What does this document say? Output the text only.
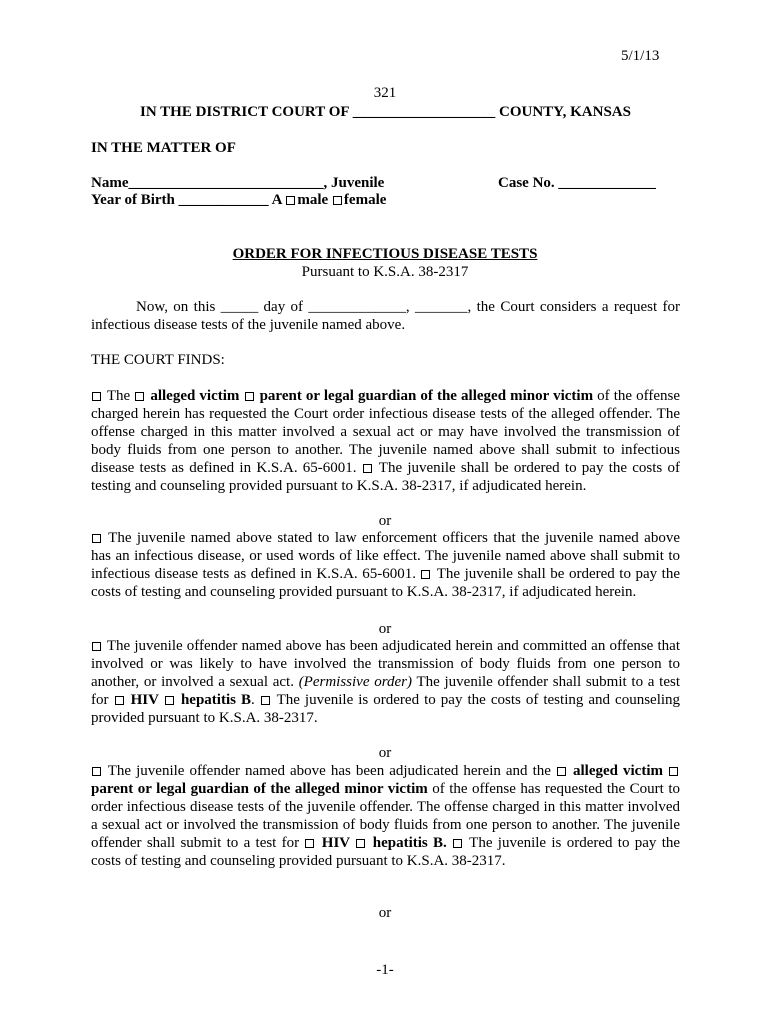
5/1/13
321
IN THE DISTRICT COURT OF ___________________ COUNTY, KANSAS
IN THE MATTER OF
Name__________________________, Juvenile	Case No. _____________
Year of Birth ____________ A male female
ORDER FOR INFECTIOUS DISEASE TESTS
Pursuant to K.S.A. 38-2317
Now, on this _____ day of _____________, _______, the Court considers a request for infectious disease tests of the juvenile named above.
THE COURT FINDS:
The alleged victim parent or legal guardian of the alleged minor victim of the offense charged herein has requested the Court order infectious disease tests of the alleged offender. The offense charged in this matter involved a sexual act or may have involved the transmission of body fluids from one person to another. The juvenile named above shall submit to infectious disease tests as defined in K.S.A. 65-6001. The juvenile shall be ordered to pay the costs of testing and counseling provided pursuant to K.S.A. 38-2317, if adjudicated herein.
or
The juvenile named above stated to law enforcement officers that the juvenile named above has an infectious disease, or used words of like effect. The juvenile named above shall submit to infectious disease tests as defined in K.S.A. 65-6001. The juvenile shall be ordered to pay the costs of testing and counseling provided pursuant to K.S.A. 38-2317, if adjudicated herein.
or
The juvenile offender named above has been adjudicated herein and committed an offense that involved or was likely to have involved the transmission of body fluids from one person to another, or involved a sexual act. (Permissive order) The juvenile offender shall submit to a test for HIV hepatitis B. The juvenile is ordered to pay the costs of testing and counseling provided pursuant to K.S.A. 38-2317.
or
The juvenile offender named above has been adjudicated herein and the alleged victim  parent or legal guardian of the alleged minor victim of the offense has requested the Court to order infectious disease tests of the juvenile offender. The offense charged in this matter involved a sexual act or involved the transmission of body fluids from one person to another. The juvenile offender shall submit to a test for HIV hepatitis B. The juvenile is ordered to pay the costs of testing and counseling provided pursuant to K.S.A. 38-2317.
or
-1-
